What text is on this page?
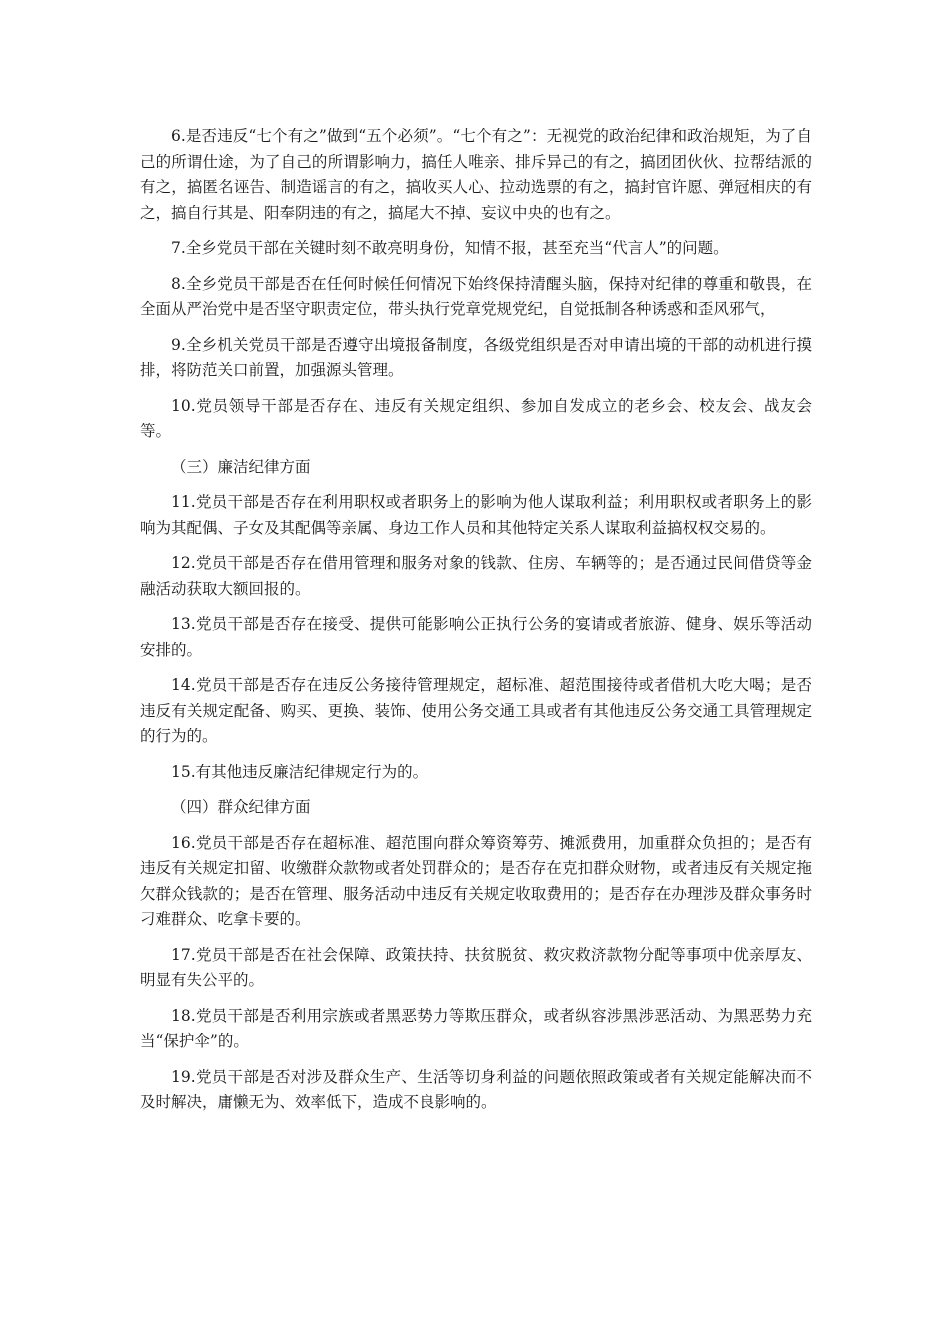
6.是否违反“七个有之”做到“五个必须”。“七个有之”：无视党的政治纪律和政治规矩，为了自己的所谓仕途，为了自己的所谓影响力，搞任人唯亲、排斥异己的有之，搞团团伙伙、拉帮结派的有之，搞匿名诬告、制造谣言的有之，搞收买人心、拉动选票的有之，搞封官许愿、弹冠相庆的有之，搞自行其是、阳奉阴违的有之，搞尾大不掉、妄议中央的也有之。

7.全乡党员干部在关键时刻不敢亮明身份，知情不报，甚至充当“代言人”的问题。

8.全乡党员干部是否在任何时候任何情况下始终保持清醒头脑，保持对纪律的尊重和敬畏，在全面从严治党中是否坚守职责定位，带头执行党章党规党纪，自觉抵制各种诱惑和歪风邪气，

9.全乡机关党员干部是否遵守出境报备制度，各级党组织是否对申请出境的干部的动机进行摸排，将防范关口前置，加强源头管理。

10.党员领导干部是否存在、违反有关规定组织、参加自发成立的老乡会、校友会、战友会等。

（三）廉洁纪律方面

11.党员干部是否存在利用职权或者职务上的影响为他人谋取利益；利用职权或者职务上的影响为其配偶、子女及其配偶等亲属、身边工作人员和其他特定关系人谋取利益搞权权交易的。

12.党员干部是否存在借用管理和服务对象的钱款、住房、车辆等的；是否通过民间借贷等金融活动获取大额回报的。

13.党员干部是否存在接受、提供可能影响公正执行公务的宴请或者旅游、健身、娱乐等活动安排的。

14.党员干部是否存在违反公务接待管理规定，超标准、超范围接待或者借机大吃大喝；是否违反有关规定配备、购买、更换、装饰、使用公务交通工具或者有其他违反公务交通工具管理规定的行为的。

15.有其他违反廉洁纪律规定行为的。

（四）群众纪律方面

16.党员干部是否存在超标准、超范围向群众筹资筹劳、摊派费用，加重群众负担的；是否有违反有关规定扣留、收缴群众款物或者处罚群众的；是否存在克扣群众财物，或者违反有关规定拖欠群众钱款的；是否在管理、服务活动中违反有关规定收取费用的；是否存在办理涉及群众事务时刁难群众、吃拿卡要的。

17.党员干部是否在社会保障、政策扶持、扶贫脱贫、救灾救济款物分配等事项中优亲厚友、明显有失公平的。

18.党员干部是否利用宗族或者黑恶势力等欺压群众，或者纵容涉黑涉恶活动、为黑恶势力充当“保护伞”的。

19.党员干部是否对涉及群众生产、生活等切身利益的问题依照政策或者有关规定能解决而不及时解决，庸懒无为、效率低下，造成不良影响的。
